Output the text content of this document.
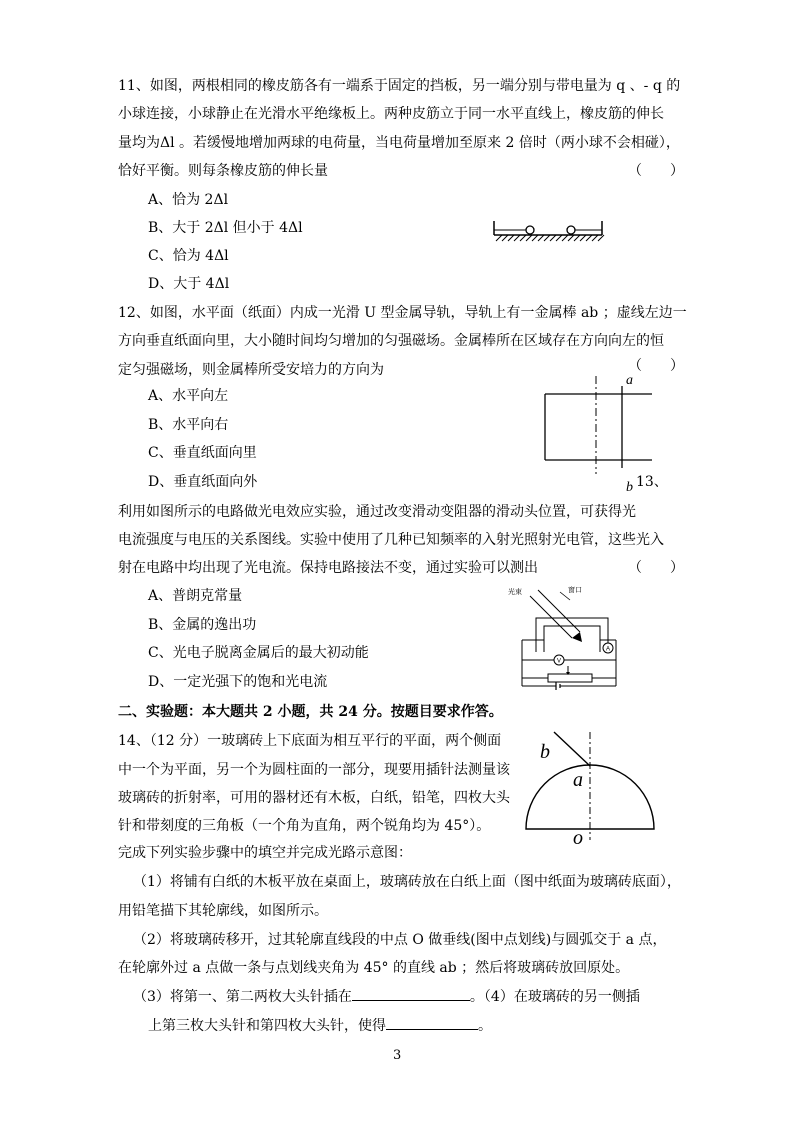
11、如图，两根相同的橡皮筋各有一端系于固定的挡板，另一端分别与带电量为 q 、- q 的
小球连接，小球静止在光滑水平绝缘板上。两种皮筋立于同一水平直线上，橡皮筋的伸长
量均为Δl 。若缓慢地增加两球的电荷量，当电荷量增加至原来 2 倍时（两小球不会相碰），
恰好平衡。则每条橡皮筋的伸长量	（　　）
A、恰为 2Δl
B、大于 2Δl 但小于 4Δl
C、恰为 4Δl
D、大于 4Δl
12、如图，水平面（纸面）内成一光滑 U 型金属导轨，导轨上有一金属棒 ab ；虚线左边一
方向垂直纸面向里，大小随时间均匀增加的匀强磁场。金属棒所在区域存在方向向左的恒
定匀强磁场，则金属棒所受安培力的方向为	（　　）
A、水平向左
B、水平向右
C、垂直纸面向里
D、垂直纸面向外
a
b 13、
利用如图所示的电路做光电效应实验，通过改变滑动变阻器的滑动头位置，可获得光
电流强度与电压的关系图线。实验中使用了几种已知频率的入射光照射光电管，这些光入
射在电路中均出现了光电流。保持电路接法不变，通过实验可以测出	（　　）
A、普朗克常量
B、金属的逸出功
C、光电子脱离金属后的最大初动能
D、一定光强下的饱和光电流
V
A
光束	窗口
二、实验题：本大题共 2 小题，共 24 分。按题目要求作答。
14、（12 分）一玻璃砖上下底面为相互平行的平面，两个侧面
中一个为平面，另一个为圆柱面的一部分，现要用插针法测量该
玻璃砖的折射率，可用的器材还有木板，白纸，铅笔，四枚大头
针和带刻度的三角板（一个角为直角，两个锐角均为 45°）。
完成下列实验步骤中的填空并完成光路示意图：
（1）将铺有白纸的木板平放在桌面上，玻璃砖放在白纸上面（图中纸面为玻璃砖底面），
用铅笔描下其轮廓线，如图所示。
（2）将玻璃砖移开，过其轮廓直线段的中点 O 做垂线(图中点划线)与圆弧交于 a 点，
在轮廓外过 a 点做一条与点划线夹角为 45° 的直线 ab ；然后将玻璃砖放回原处。
（3）将第一、第二两枚大头针插在	。（4）在玻璃砖的另一侧插
上第三枚大头针和第四枚大头针，使得	。
b
a
o
3
